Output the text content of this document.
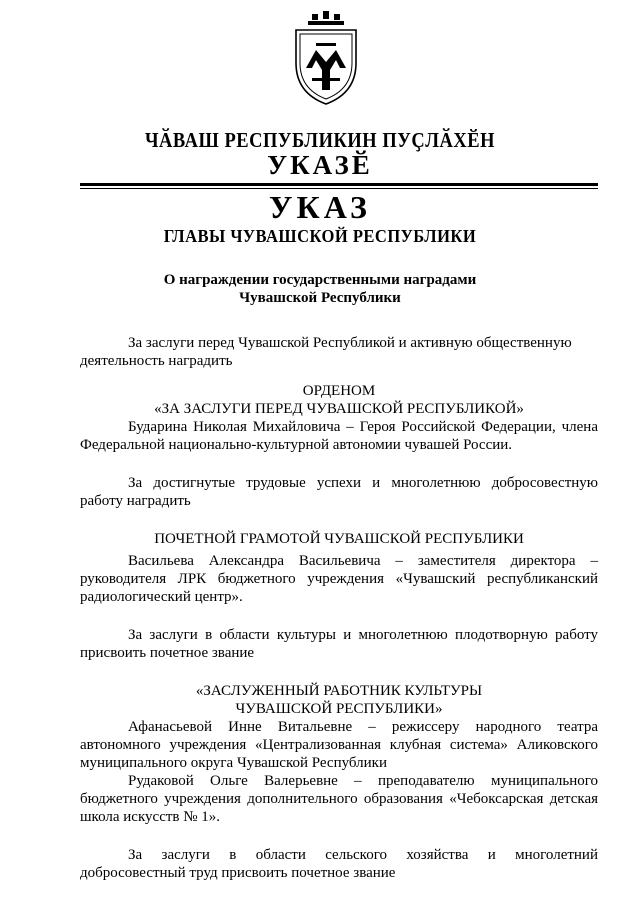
ЧӐВАШ РЕСПУБЛИКИН ПУҪЛӐХӖН
УКАЗӖ
УКАЗ
ГЛАВЫ ЧУВАШСКОЙ РЕСПУБЛИКИ
О награждении государственными наградами
Чувашской Республики

За заслуги перед Чувашской Республикой и активную общественную

деятельность наградить

ОРДЕНОМ

«ЗА ЗАСЛУГИ ПЕРЕД ЧУВАШСКОЙ РЕСПУБЛИКОЙ»

Бударина Николая Михайловича – Героя Российской Федерации, члена Федеральной национально-культурной автономии чувашей России.

За достигнутые трудовые успехи и многолетнюю добросовестную работу наградить

ПОЧЕТНОЙ ГРАМОТОЙ ЧУВАШСКОЙ РЕСПУБЛИКИ

Васильева Александра Васильевича – заместителя директора – руководителя ЛРК бюджетного учреждения «Чувашский республиканский радиологический центр».

За заслуги в области культуры и многолетнюю плодотворную работу присвоить почетное звание

«ЗАСЛУЖЕННЫЙ РАБОТНИК КУЛЬТУРЫ

ЧУВАШСКОЙ РЕСПУБЛИКИ»

Афанасьевой Инне Витальевне – режиссеру народного театра автономного учреждения «Централизованная клубная система» Аликовского муниципального округа Чувашской Республики

Рудаковой Ольге Валерьевне – преподавателю муниципального бюджетного учреждения дополнительного образования «Чебоксарская детская школа искусств № 1».

За заслуги в области сельского хозяйства и многолетний добросовестный труд присвоить почетное звание
